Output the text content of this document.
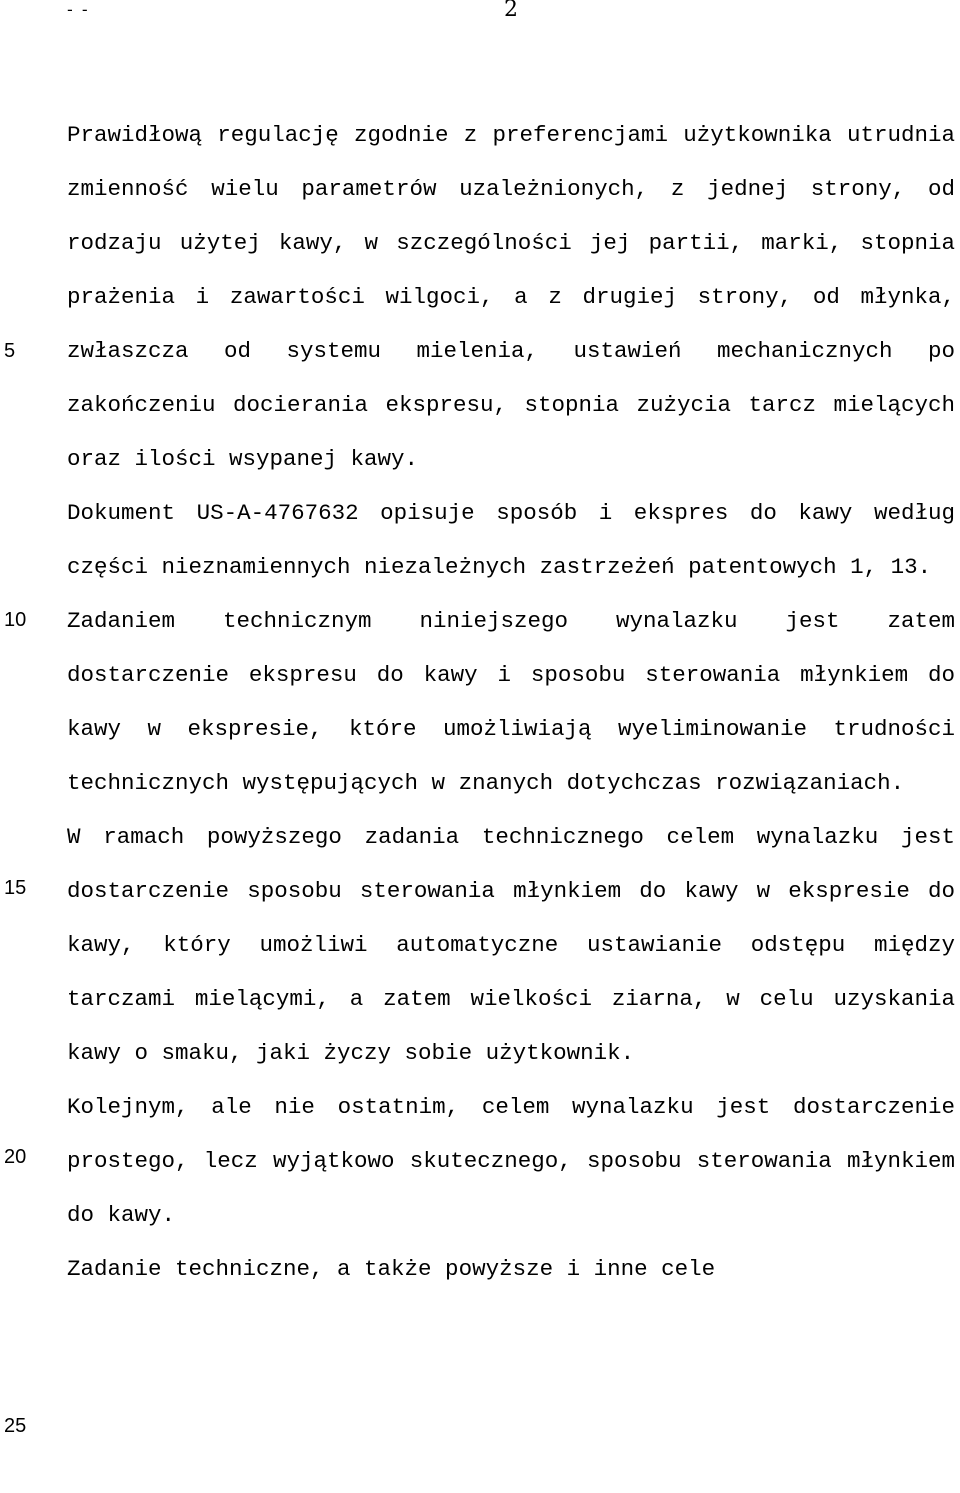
- -	2
5
10
15
20
25

Prawidłową regulację zgodnie z preferencjami użytkownika utrudnia zmienność wielu parametrów uzależnionych, z jednej strony, od rodzaju użytej kawy, w szczególności jej partii, marki, stopnia prażenia i zawartości wilgoci, a z drugiej strony, od młynka, zwłaszcza od systemu mielenia, ustawień mechanicznych po zakończeniu docierania ekspresu, stopnia zużycia tarcz mielących oraz ilości wsypanej kawy.

Dokument US-A-4767632 opisuje sposób i ekspres do kawy według części nieznamiennych niezależnych zastrzeżeń patentowych 1, 13.

Zadaniem technicznym niniejszego wynalazku jest zatem dostarczenie ekspresu do kawy i sposobu sterowania młynkiem do kawy w ekspresie, które umożliwiają wyeliminowanie trudności technicznych występujących w znanych dotychczas rozwiązaniach.

W ramach powyższego zadania technicznego celem wynalazku jest dostarczenie sposobu sterowania młynkiem do kawy w ekspresie do kawy, który umożliwi automatyczne ustawianie odstępu między tarczami mielącymi, a zatem wielkości ziarna, w celu uzyskania kawy o smaku, jaki życzy sobie użytkownik.

Kolejnym, ale nie ostatnim, celem wynalazku jest dostarczenie prostego, lecz wyjątkowo skutecznego, sposobu sterowania młynkiem do kawy.

Zadanie techniczne, a także powyższe i inne cele
